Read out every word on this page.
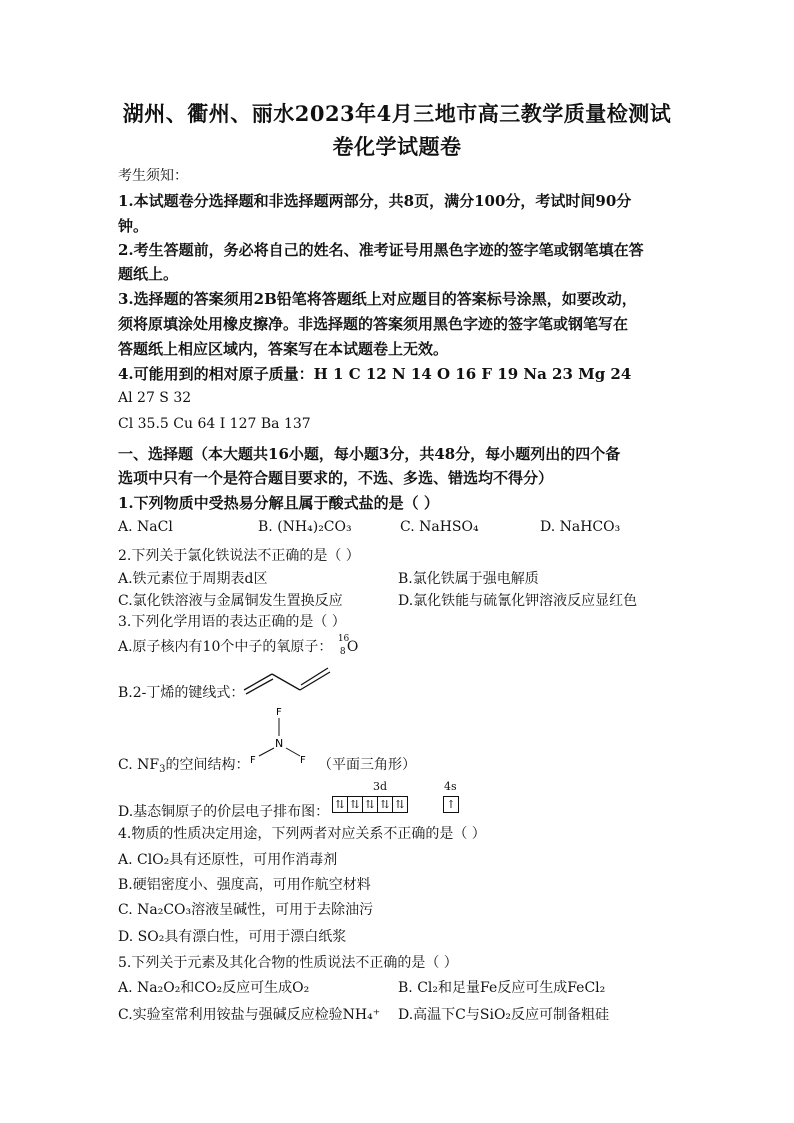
湖州、衢州、丽水2023年4月三地市高三教学质量检测试
卷化学试题卷
考生须知：
1.本试题卷分选择题和非选择题两部分，共8页，满分100分，考试时间90分
钟。
2.考生答题前，务必将自己的姓名、准考证号用黑色字迹的签字笔或钢笔填在答
题纸上。
3.选择题的答案须用2B铅笔将答题纸上对应题目的答案标号涂黑，如要改动，
须将原填涂处用橡皮擦净。非选择题的答案须用黑色字迹的签字笔或钢笔写在
答题纸上相应区域内，答案写在本试题卷上无效。
4.可能用到的相对原子质量：H 1 C 12 N 14 O 16 F 19 Na 23 Mg 24
Al 27 S 32
Cl 35.5 Cu 64 I 127 Ba 137
一、选择题（本大题共16小题，每小题3分，共48分，每小题列出的四个备
选项中只有一个是符合题目要求的，不选、多选、错选均不得分）
1.下列物质中受热易分解且属于酸式盐的是（ ）
A. NaCl	B. (NH₄)₂CO₃	C. NaHSO₄	D. NaHCO₃
2.下列关于氯化铁说法不正确的是（ ）
A.铁元素位于周期表d区	B.氯化铁属于强电解质
C.氯化铁溶液与金属铜发生置换反应	D.氯化铁能与硫氰化钾溶液反应显红色
3.下列化学用语的表达正确的是（ ）
A.原子核内有10个中子的氧原子： 16
8 O
B.2-丁烯的键线式：
F
N
F	F
C. $NF_3$的空间结构：	（平面三角形）
3d	4s
D.基态铜原子的价层电子排布图： ⇅ ⇅ ⇅ ⇅ ⇅	↑
4.物质的性质决定用途，下列两者对应关系不正确的是（ ）
A. ClO₂具有还原性，可用作消毒剂
B.硬铝密度小、强度高，可用作航空材料
C. Na₂CO₃溶液呈碱性，可用于去除油污
D. SO₂具有漂白性，可用于漂白纸浆
5.下列关于元素及其化合物的性质说法不正确的是（ ）
A. Na₂O₂和CO₂反应可生成O₂	B. Cl₂和足量Fe反应可生成FeCl₂
C.实验室常利用铵盐与强碱反应检验NH₄⁺ D.高温下C与SiO₂反应可制备粗硅
